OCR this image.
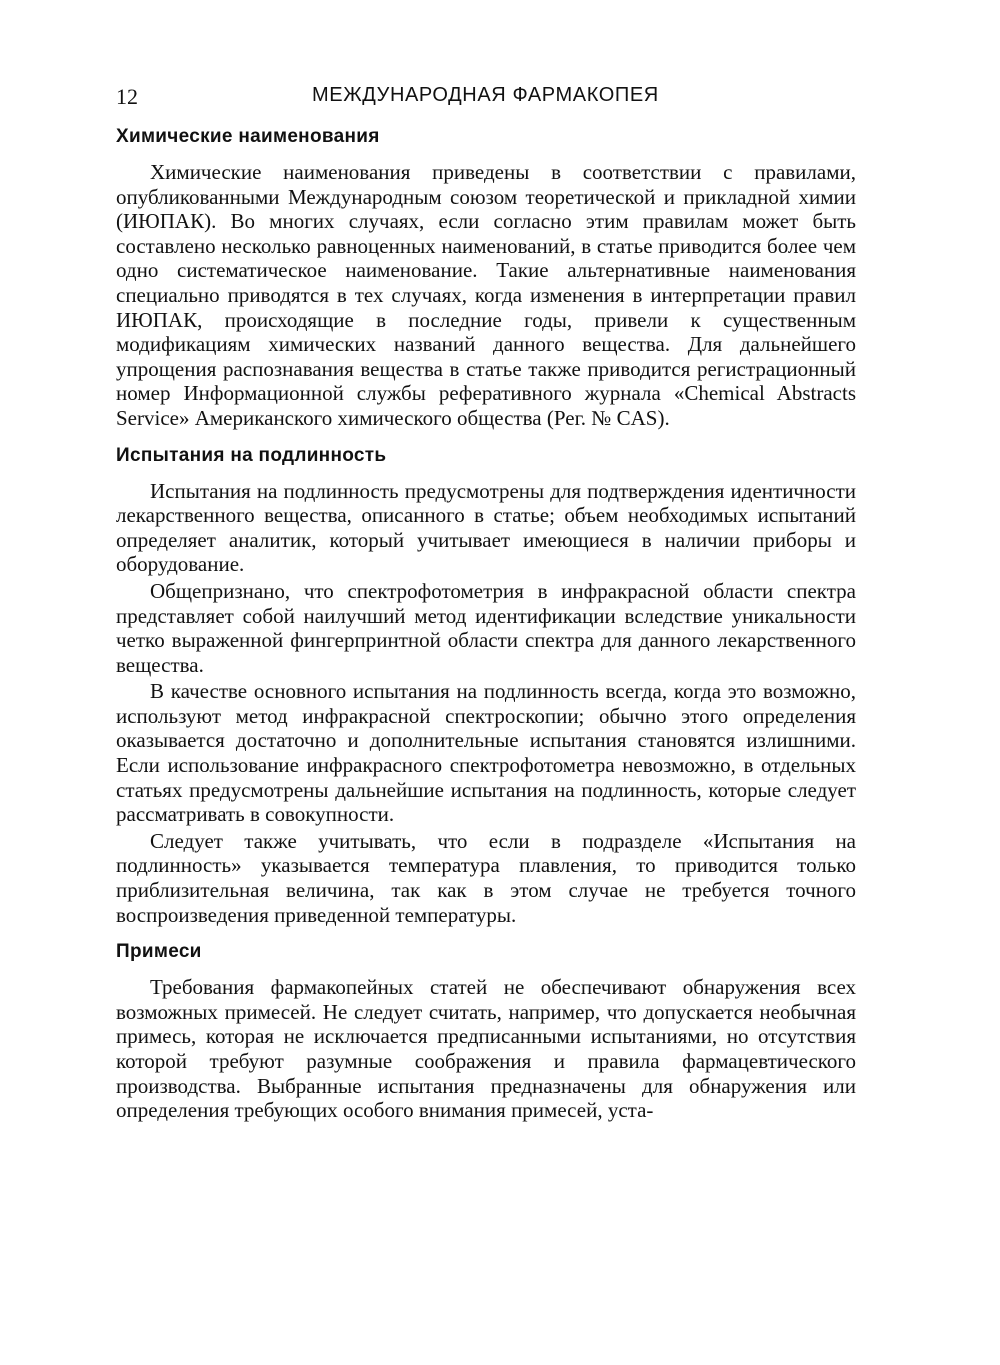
12	МЕЖДУНАРОДНАЯ ФАРМАКОПЕЯ
Химические наименования

Химические наименования приведены в соответствии с правилами, опубликованными Международным союзом теоретической и прикладной химии (ИЮПАК). Во многих случаях, если согласно этим правилам может быть составлено несколько равноценных наименований, в статье приводится более чем одно систематическое наименование. Такие альтернативные наименования специально приводятся в тех случаях, когда изменения в интерпретации правил ИЮПАК, происходящие в последние годы, привели к существенным модификациям химических названий данного вещества. Для дальнейшего упрощения распознавания вещества в статье также приводится регистрационный номер Информационной службы реферативного журнала «Chemical Abstracts Service» Американского химического общества (Рег. № CAS).

Испытания на подлинность

Испытания на подлинность предусмотрены для подтверждения идентичности лекарственного вещества, описанного в статье; объем необходимых испытаний определяет аналитик, который учитывает имеющиеся в наличии приборы и оборудование.

Общепризнано, что спектрофотометрия в инфракрасной области спектра представляет собой наилучший метод идентификации вследствие уникальности четко выраженной фингерпринтной области спектра для данного лекарственного вещества.

В качестве основного испытания на подлинность всегда, когда это возможно, используют метод инфракрасной спектроскопии; обычно этого определения оказывается достаточно и дополнительные испытания становятся излишними. Если использование инфракрасного спектрофотометра невозможно, в отдельных статьях предусмотрены дальнейшие испытания на подлинность, которые следует рассматривать в совокупности.

Следует также учитывать, что если в подразделе «Испытания на подлинность» указывается температура плавления, то приводится только приблизительная величина, так как в этом случае не требуется точного воспроизведения приведенной температуры.

Примеси

Требования фармакопейных статей не обеспечивают обнаружения всех возможных примесей. Не следует считать, например, что допускается необычная примесь, которая не исключается предписанными испытаниями, но отсутствия которой требуют разумные соображения и правила фармацевтического производства. Выбранные испытания предназначены для обнаружения или определения требующих особого внимания примесей, уста-
